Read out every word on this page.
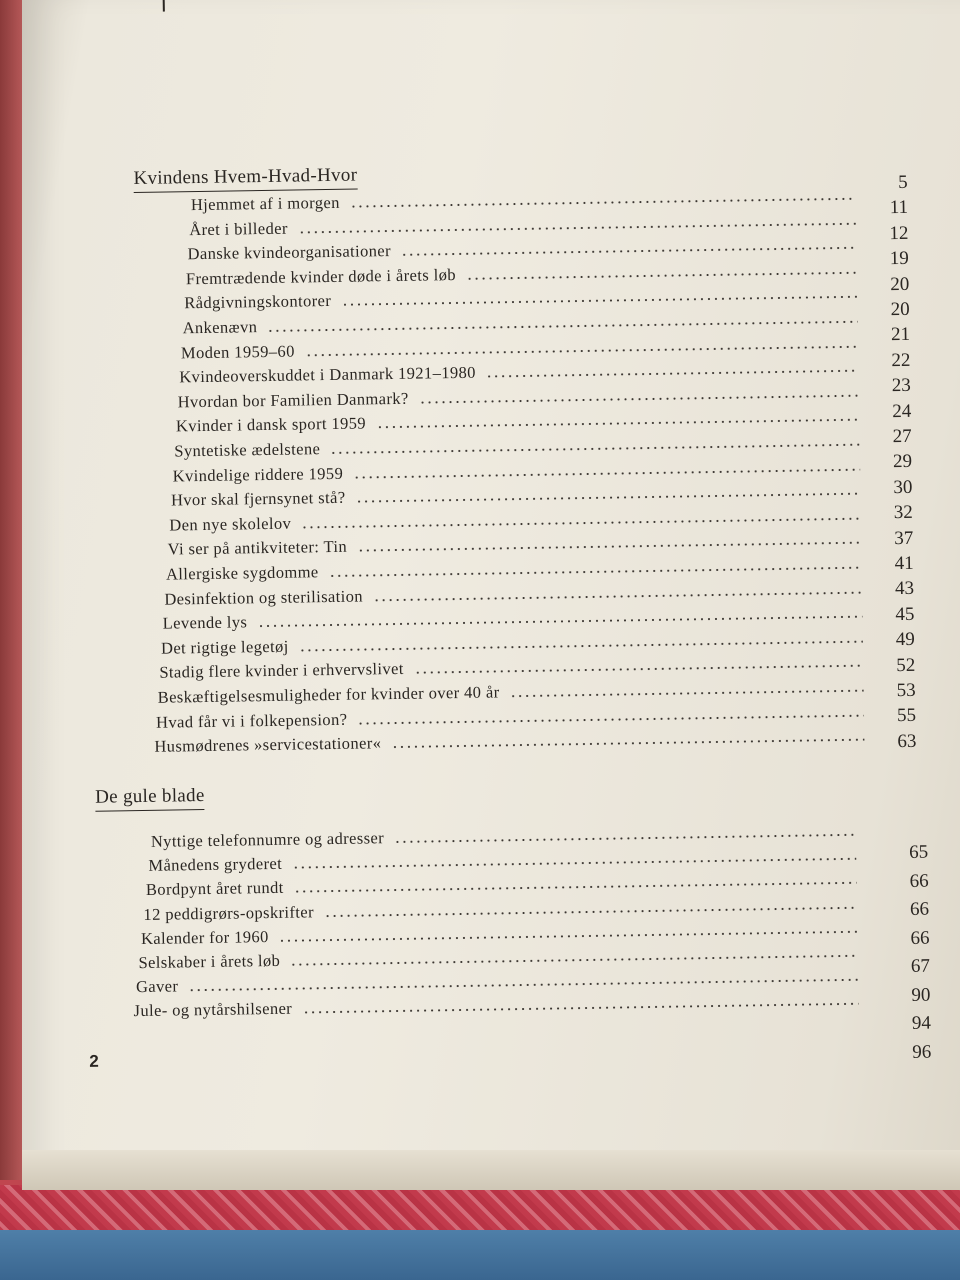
Kvindens Hvem-Hvad-Hvor
Hjemmet af i morgen
Året i billeder
Danske kvindeorganisationer
Fremtrædende kvinder døde i årets løb
Rådgivningskontorer
Ankenævn
Moden 1959–60
Kvindeoverskuddet i Danmark 1921–1980
Hvordan bor Familien Danmark?
Kvinder i dansk sport 1959
Syntetiske ædelstene
Kvindelige riddere 1959
Hvor skal fjernsynet stå?
Den nye skolelov
Vi ser på antikviteter: Tin
Allergiske sygdomme
Desinfektion og sterilisation
Levende lys
Det rigtige legetøj
Stadig flere kvinder i erhvervslivet
Beskæftigelsesmuligheder for kvinder over 40 år
Hvad får vi i folkepension?
Husmødrenes »servicestationer«
5
11
12
19
20
20
21
22
23
24
27
29
30
32
37
41
43
45
49
52
53
55
63
De gule blade
Nyttige telefonnumre og adresser
Månedens gryderet
Bordpynt året rundt
12 peddigrørs-opskrifter
Kalender for 1960
Selskaber i årets løb
Gaver
Jule- og nytårshilsener
65
66
66
66
67
90
94
96
2
